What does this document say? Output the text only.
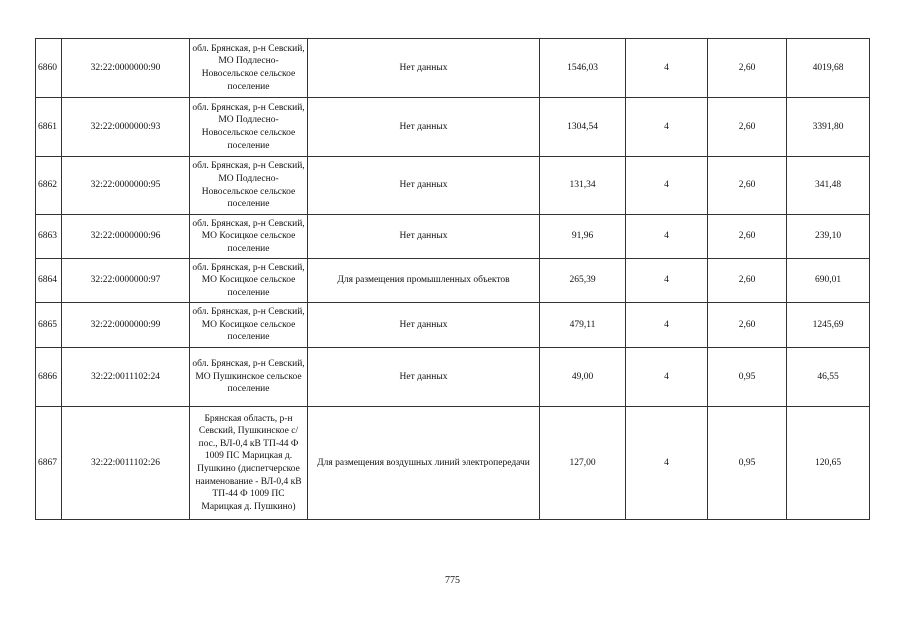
6860	32:22:0000000:90	обл. Брянская, р-н Севский, МО Подлесно-Новосельское сельское поселение	Нет данных	1546,03	4	2,60	4019,68
6861	32:22:0000000:93	обл. Брянская, р-н Севский, МО Подлесно-Новосельское сельское поселение	Нет данных	1304,54	4	2,60	3391,80
6862	32:22:0000000:95	обл. Брянская, р-н Севский, МО Подлесно-Новосельское сельское поселение	Нет данных	131,34	4	2,60	341,48
6863	32:22:0000000:96	обл. Брянская, р-н Севский, МО Косицкое сельское поселение	Нет данных	91,96	4	2,60	239,10
6864	32:22:0000000:97	обл. Брянская, р-н Севский, МО Косицкое сельское поселение	Для размещения промышленных объектов	265,39	4	2,60	690,01
6865	32:22:0000000:99	обл. Брянская, р-н Севский, МО Косицкое сельское поселение	Нет данных	479,11	4	2,60	1245,69
6866	32:22:0011102:24	обл. Брянская, р-н Севский, МО Пушкинское сельское поселение	Нет данных	49,00	4	0,95	46,55
6867	32:22:0011102:26	Брянская область, р-н Севский, Пушкинское с/пос., ВЛ-0,4 кВ ТП-44 Ф 1009 ПС Марицкая д. Пушкино (диспетчерское наименование - ВЛ-0,4 кВ ТП-44 Ф 1009 ПС Марицкая д. Пушкино)	Для размещения воздушных линий электропередачи	127,00	4	0,95	120,65
775
